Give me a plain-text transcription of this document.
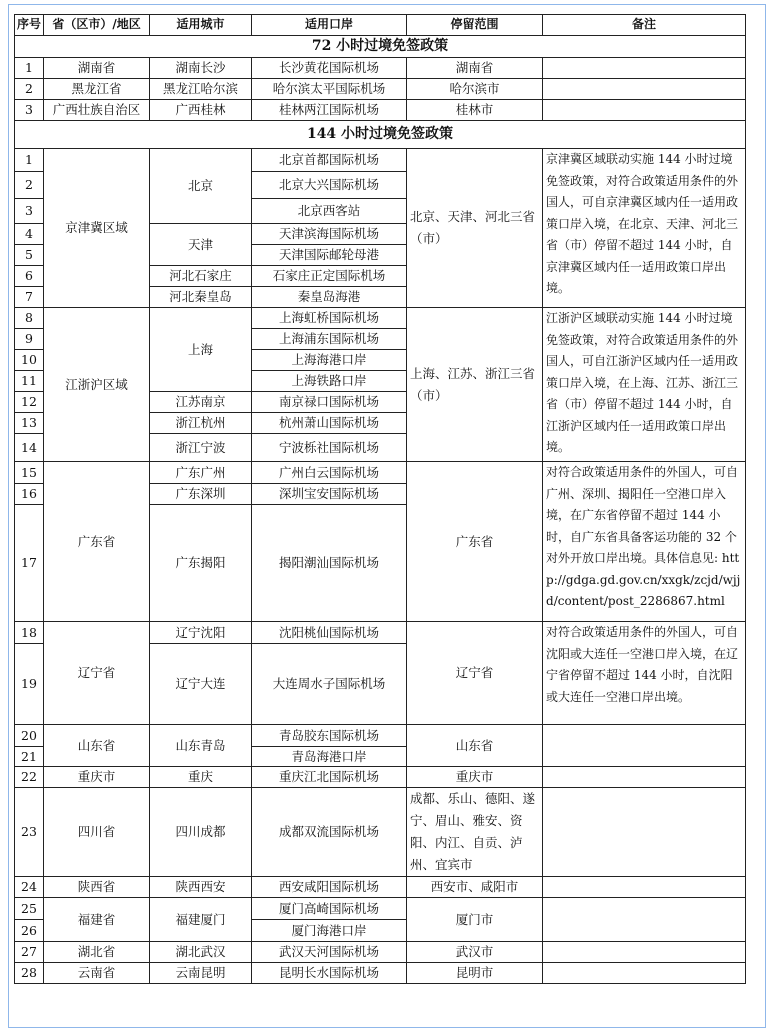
序号	省（区市）/地区	适用城市	适用口岸	停留范围	备注
72 小时过境免签政策					
1	湖南省	湖南长沙	长沙黄花国际机场	湖南省	
2	黑龙江省	黑龙江哈尔滨	哈尔滨太平国际机场	哈尔滨市	
3	广西壮族自治区	广西桂林	桂林两江国际机场	桂林市	
144 小时过境免签政策					
1	京津冀区域	北京	北京首都国际机场	北京、天津、河北三省（市）	京津冀区域联动实施 144 小时过境免签政策，对符合政策适用条件的外国人，可自京津冀区域内任一适用政策口岸入境，在北京、天津、河北三省（市）停留不超过 144 小时，自京津冀区域内任一适用政策口岸出境。
2			北京大兴国际机场		
3			北京西客站		
4		天津	天津滨海国际机场		
5			天津国际邮轮母港		
6		河北石家庄	石家庄正定国际机场		
7		河北秦皇岛	秦皇岛海港		
8	江浙沪区域	上海	上海虹桥国际机场	上海、江苏、浙江三省（市）	江浙沪区域联动实施 144 小时过境免签政策，对符合政策适用条件的外国人，可自江浙沪区域内任一适用政策口岸入境，在上海、江苏、浙江三省（市）停留不超过 144 小时，自江浙沪区域内任一适用政策口岸出境。
9			上海浦东国际机场		
10			上海海港口岸		
11			上海铁路口岸		
12		江苏南京	南京禄口国际机场		
13		浙江杭州	杭州萧山国际机场		
14		浙江宁波	宁波栎社国际机场		
15	广东省	广东广州	广州白云国际机场	广东省	对符合政策适用条件的外国人，可自广州、深圳、揭阳任一空港口岸入境，在广东省停留不超过 144 小时，自广东省具备客运功能的 32 个对外开放口岸出境。具体信息见: http://gdga.gd.gov.cn/xxgk/zcjd/wjjd/content/post_2286867.html
16		广东深圳	深圳宝安国际机场		
17		广东揭阳	揭阳潮汕国际机场		
18	辽宁省	辽宁沈阳	沈阳桃仙国际机场	辽宁省	对符合政策适用条件的外国人，可自沈阳或大连任一空港口岸入境，在辽宁省停留不超过 144 小时，自沈阳或大连任一空港口岸出境。
19		辽宁大连	大连周水子国际机场		
20	山东省	山东青岛	青岛胶东国际机场	山东省	
21			青岛海港口岸		
22	重庆市	重庆	重庆江北国际机场	重庆市	
23	四川省	四川成都	成都双流国际机场	成都、乐山、德阳、遂宁、眉山、雅安、资阳、内江、自贡、泸州、宜宾市	
24	陕西省	陕西西安	西安咸阳国际机场	西安市、咸阳市	
25	福建省	福建厦门	厦门高崎国际机场	厦门市	
26			厦门海港口岸		
27	湖北省	湖北武汉	武汉天河国际机场	武汉市	
28	云南省	云南昆明	昆明长水国际机场	昆明市	
